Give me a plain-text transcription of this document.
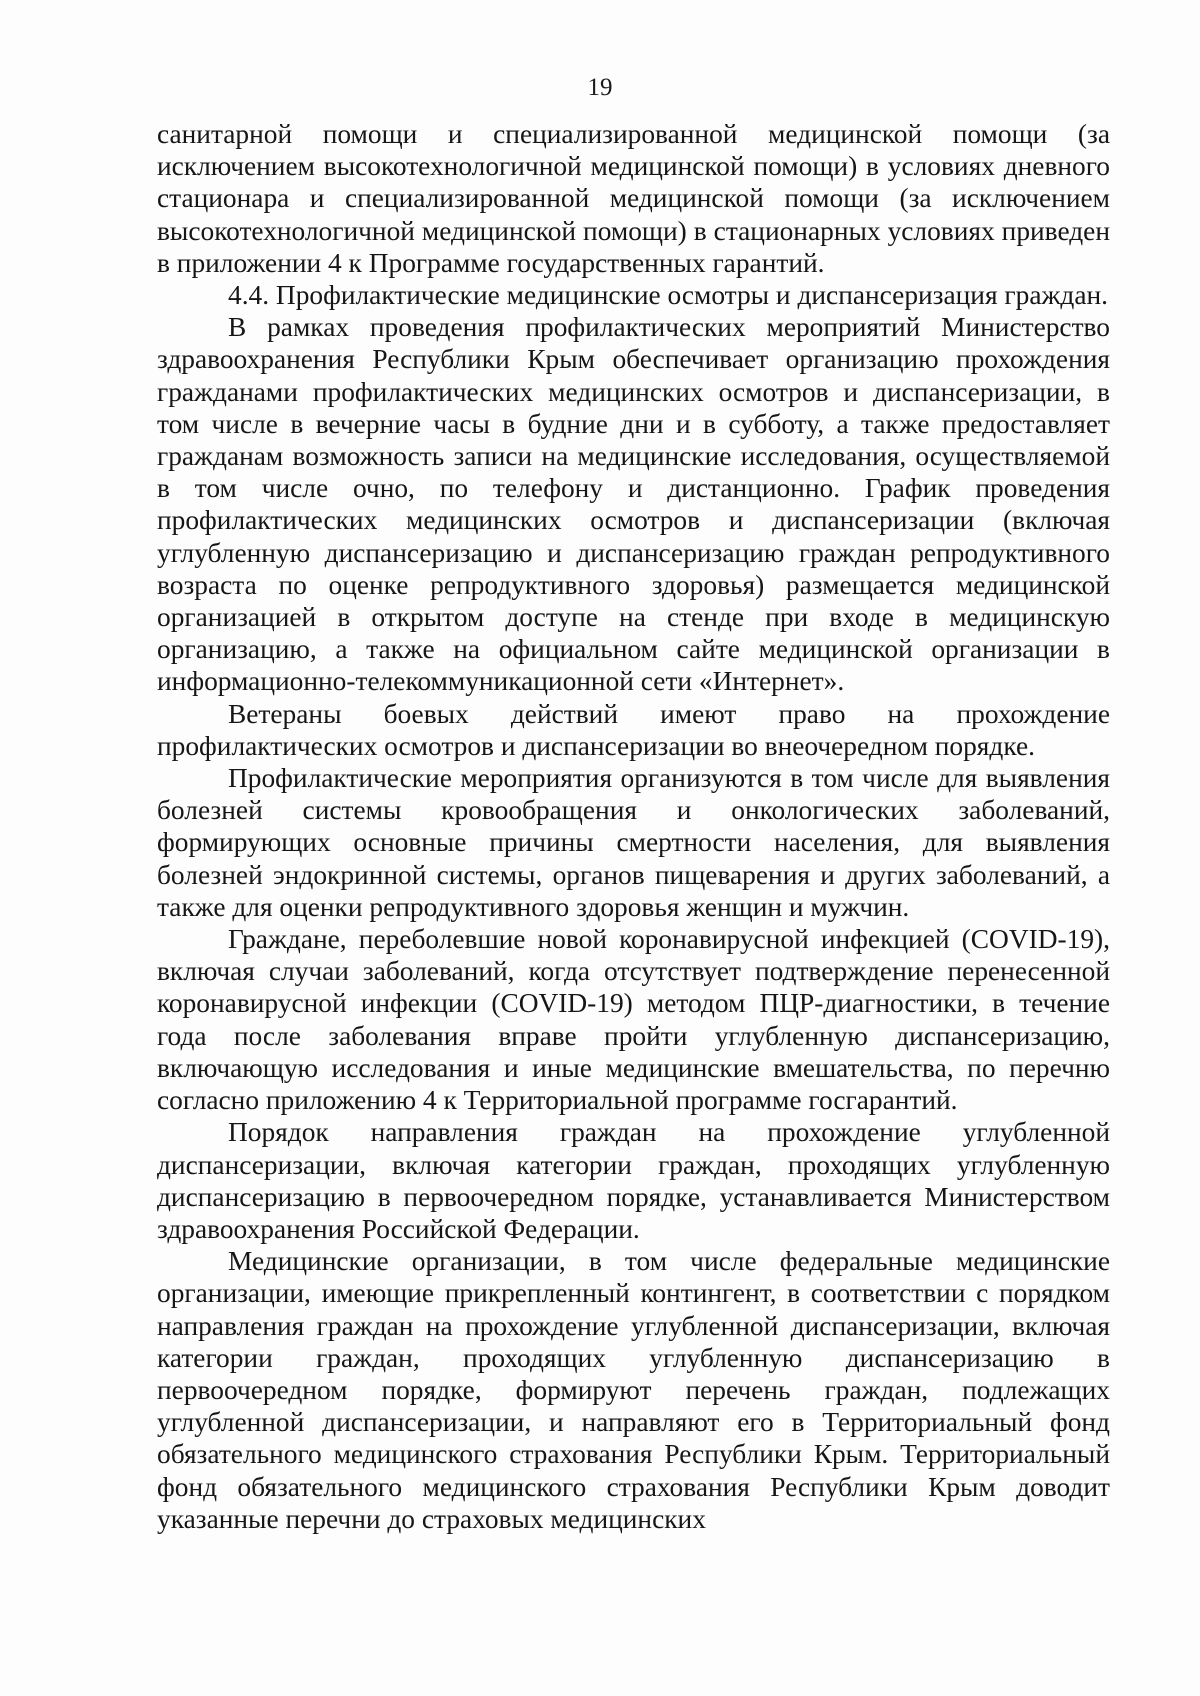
19

санитарной помощи и специализированной медицинской помощи (за исключением высокотехнологичной медицинской помощи) в условиях дневного стационара и специализированной медицинской помощи (за исключением высокотехнологичной медицинской помощи) в стационарных условиях приведен в приложении 4 к Программе государственных гарантий.

4.4. Профилактические медицинские осмотры и диспансеризация граждан.

В рамках проведения профилактических мероприятий Министерство здравоохранения Республики Крым обеспечивает организацию прохождения гражданами профилактических медицинских осмотров и диспансеризации, в том числе в вечерние часы в будние дни и в субботу, а также предоставляет гражданам возможность записи на медицинские исследования, осуществляемой в том числе очно, по телефону и дистанционно. График проведения профилактических медицинских осмотров и диспансеризации (включая углубленную диспансеризацию и диспансеризацию граждан репродуктивного возраста по оценке репродуктивного здоровья) размещается медицинской организацией в открытом доступе на стенде при входе в медицинскую организацию, а также на официальном сайте медицинской организации в информационно-телекоммуникационной сети «Интернет».

Ветераны боевых действий имеют право на прохождение профилактических осмотров и диспансеризации во внеочередном порядке.

Профилактические мероприятия организуются в том числе для выявления болезней системы кровообращения и онкологических заболеваний, формирующих основные причины смертности населения, для выявления болезней эндокринной системы, органов пищеварения и других заболеваний, а также для оценки репродуктивного здоровья женщин и мужчин.

Граждане, переболевшие новой коронавирусной инфекцией (COVID-19), включая случаи заболеваний, когда отсутствует подтверждение перенесенной коронавирусной инфекции (COVID-19) методом ПЦР-диагностики, в течение года после заболевания вправе пройти углубленную диспансеризацию, включающую исследования и иные медицинские вмешательства, по перечню согласно приложению 4 к Территориальной программе госгарантий.

Порядок направления граждан на прохождение углубленной диспансеризации, включая категории граждан, проходящих углубленную диспансеризацию в первоочередном порядке, устанавливается Министерством здравоохранения Российской Федерации.

Медицинские организации, в том числе федеральные медицинские организации, имеющие прикрепленный контингент, в соответствии с порядком направления граждан на прохождение углубленной диспансеризации, включая категории граждан, проходящих углубленную диспансеризацию в первоочередном порядке, формируют перечень граждан, подлежащих углубленной диспансеризации, и направляют его в Территориальный фонд обязательного медицинского страхования Республики Крым. Территориальный фонд обязательного медицинского страхования Республики Крым доводит указанные перечни до страховых медицинских
